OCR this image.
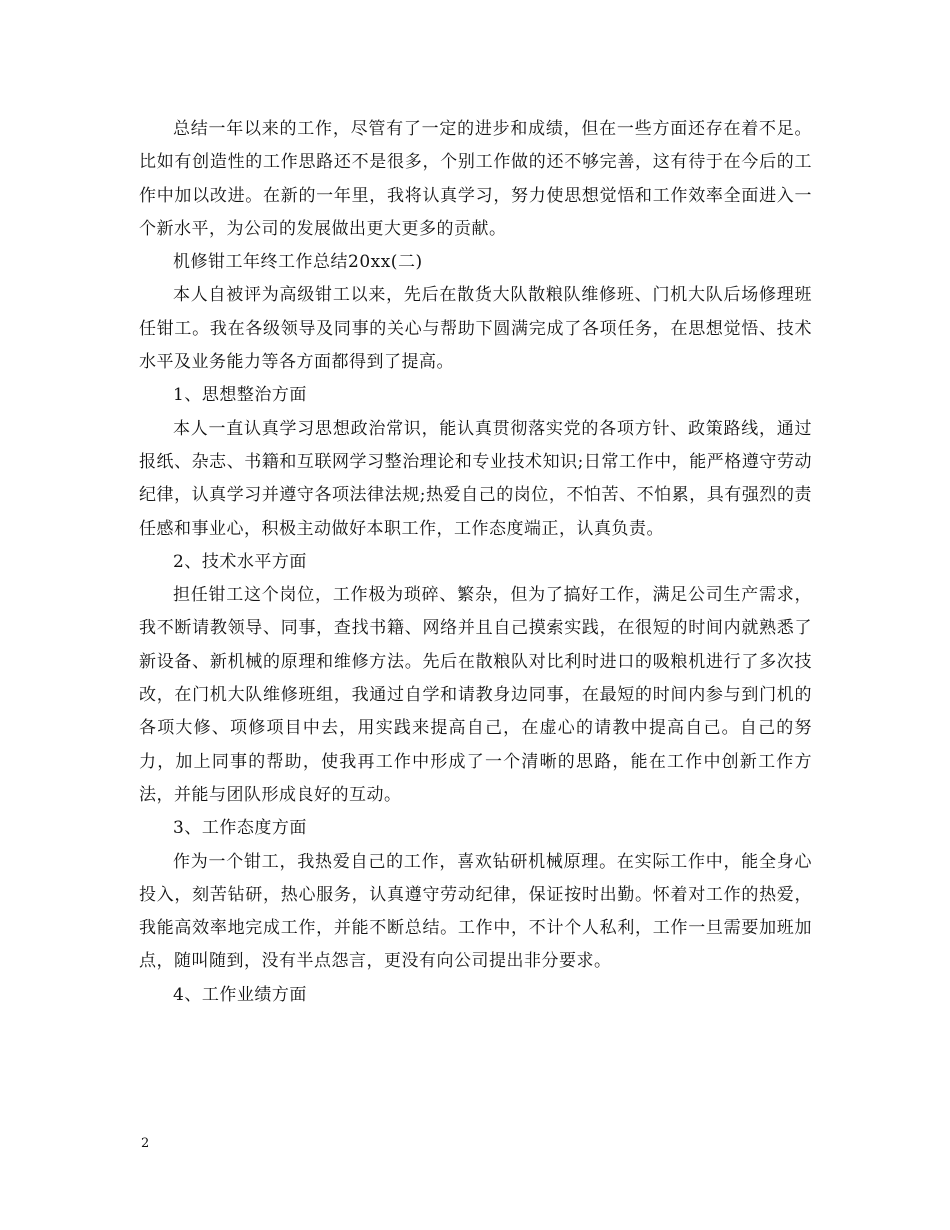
总结一年以来的工作，尽管有了一定的进步和成绩，但在一些方面还存在着不足。比如有创造性的工作思路还不是很多，个别工作做的还不够完善，这有待于在今后的工作中加以改进。在新的一年里，我将认真学习，努力使思想觉悟和工作效率全面进入一个新水平，为公司的发展做出更大更多的贡献。

机修钳工年终工作总结20xx(二)

本人自被评为高级钳工以来，先后在散货大队散粮队维修班、门机大队后场修理班任钳工。我在各级领导及同事的关心与帮助下圆满完成了各项任务，在思想觉悟、技术水平及业务能力等各方面都得到了提高。

1、思想整治方面

本人一直认真学习思想政治常识，能认真贯彻落实党的各项方针、政策路线，通过报纸、杂志、书籍和互联网学习整治理论和专业技术知识;日常工作中，能严格遵守劳动纪律，认真学习并遵守各项法律法规;热爱自己的岗位，不怕苦、不怕累，具有强烈的责任感和事业心，积极主动做好本职工作，工作态度端正，认真负责。

2、技术水平方面

担任钳工这个岗位，工作极为琐碎、繁杂，但为了搞好工作，满足公司生产需求，我不断请教领导、同事，查找书籍、网络并且自己摸索实践，在很短的时间内就熟悉了新设备、新机械的原理和维修方法。先后在散粮队对比利时进口的吸粮机进行了多次技改，在门机大队维修班组，我通过自学和请教身边同事，在最短的时间内参与到门机的各项大修、项修项目中去，用实践来提高自己，在虚心的请教中提高自己。自己的努力，加上同事的帮助，使我再工作中形成了一个清晰的思路，能在工作中创新工作方法，并能与团队形成良好的互动。

3、工作态度方面

作为一个钳工，我热爱自己的工作，喜欢钻研机械原理。在实际工作中，能全身心投入，刻苦钻研，热心服务，认真遵守劳动纪律，保证按时出勤。怀着对工作的热爱，我能高效率地完成工作，并能不断总结。工作中，不计个人私利，工作一旦需要加班加点，随叫随到，没有半点怨言，更没有向公司提出非分要求。

4、工作业绩方面

2
